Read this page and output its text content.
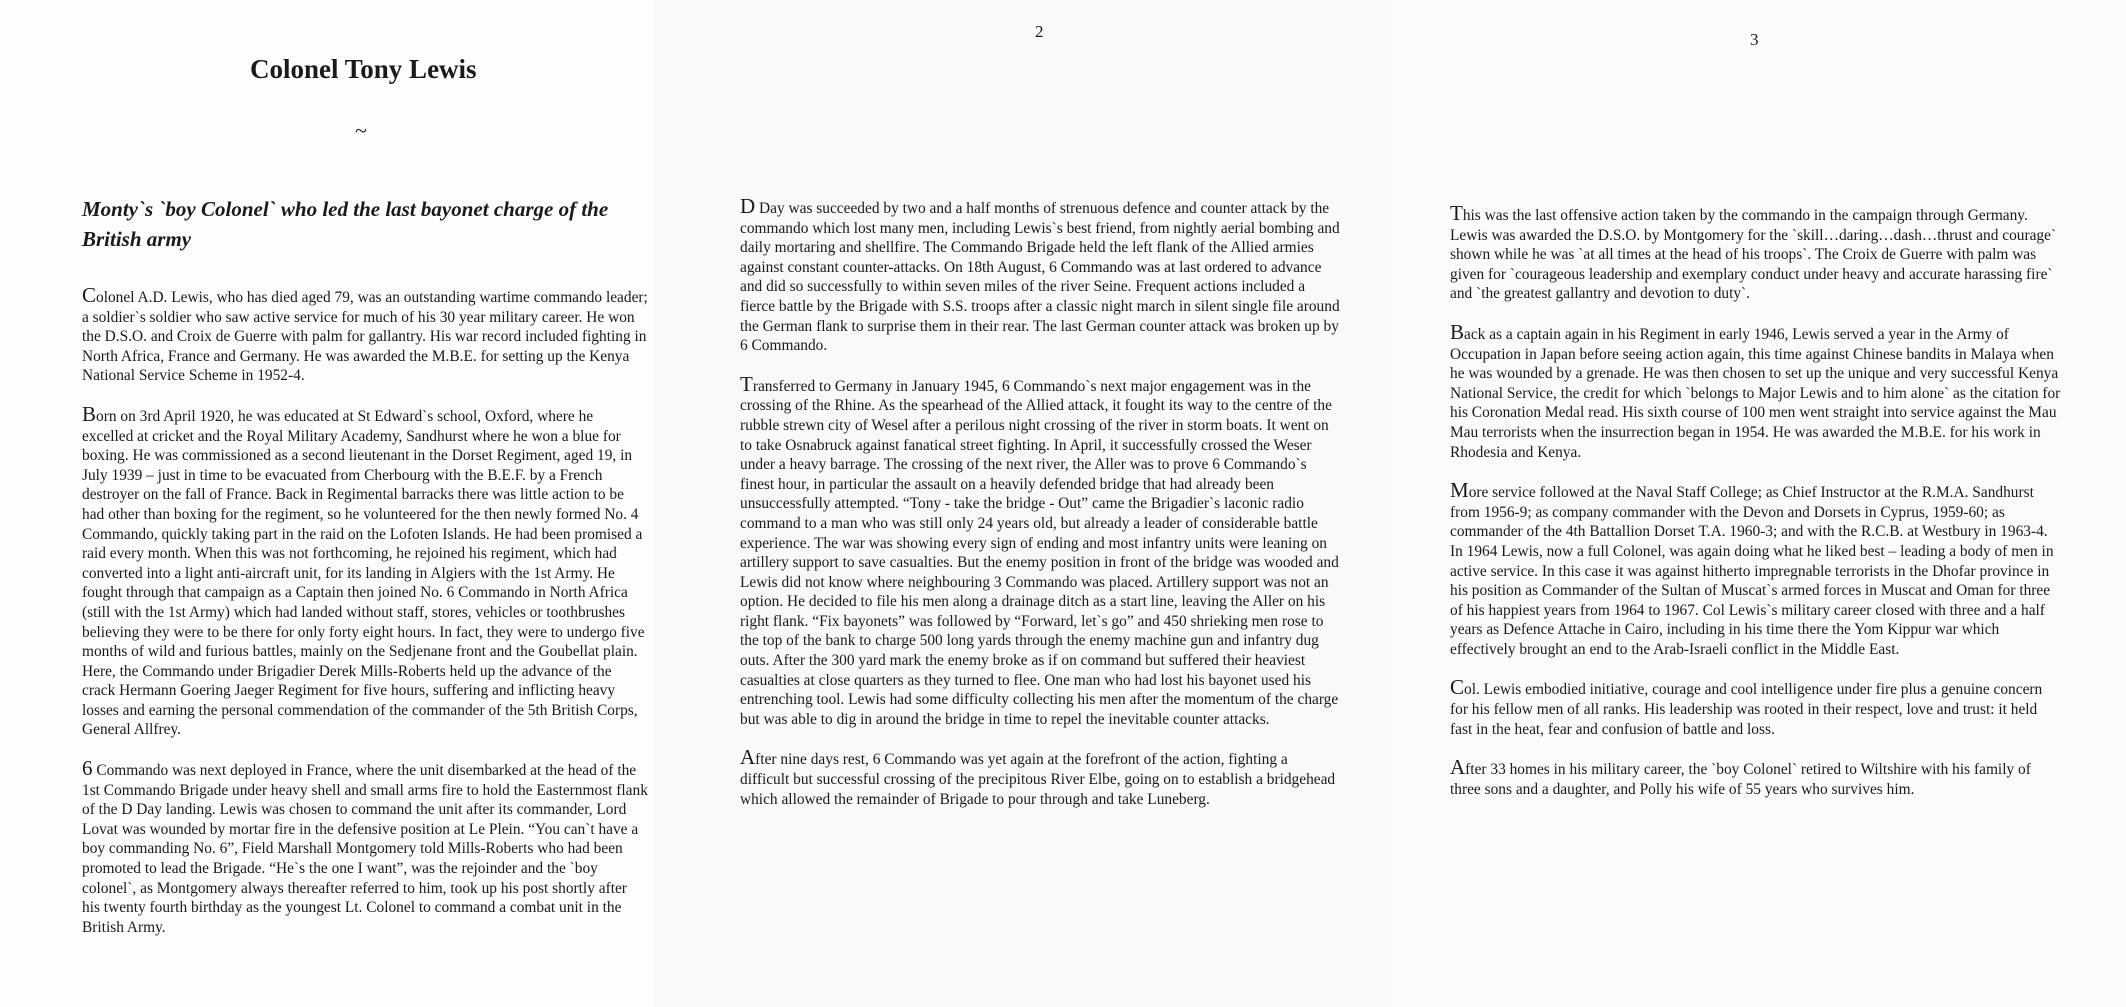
Colonel Tony Lewis
~
Monty`s `boy Colonel` who led the last bayonet charge of the British army

Colonel A.D. Lewis, who has died aged 79, was an outstanding wartime commando leader; a soldier`s soldier who saw active service for much of his 30 year military career. He won the D.S.O. and Croix de Guerre with palm for gallantry. His war record included fighting in North Africa, France and Germany. He was awarded the M.B.E. for setting up the Kenya National Service Scheme in 1952-4.

Born on 3rd April 1920, he was educated at St Edward`s school, Oxford, where he excelled at cricket and the Royal Military Academy, Sandhurst where he won a blue for boxing. He was commissioned as a second lieutenant in the Dorset Regiment, aged 19, in July 1939 – just in time to be evacuated from Cherbourg with the B.E.F. by a French destroyer on the fall of France. Back in Regimental barracks there was little action to be had other than boxing for the regiment, so he volunteered for the then newly formed No. 4 Commando, quickly taking part in the raid on the Lofoten Islands. He had been promised a raid every month. When this was not forthcoming, he rejoined his regiment, which had converted into a light anti-aircraft unit, for its landing in Algiers with the 1st Army. He fought through that campaign as a Captain then joined No. 6 Commando in North Africa (still with the 1st Army) which had landed without staff, stores, vehicles or toothbrushes believing they were to be there for only forty eight hours. In fact, they were to undergo five months of wild and furious battles, mainly on the Sedjenane front and the Goubellat plain. Here, the Commando under Brigadier Derek Mills-Roberts held up the advance of the crack Hermann Goering Jaeger Regiment for five hours, suffering and inflicting heavy losses and earning the personal commendation of the commander of the 5th British Corps, General Allfrey.

6 Commando was next deployed in France, where the unit disembarked at the head of the 1st Commando Brigade under heavy shell and small arms fire to hold the Easternmost flank of the D Day landing. Lewis was chosen to command the unit after its commander, Lord Lovat was wounded by mortar fire in the defensive position at Le Plein. “You can`t have a boy commanding No. 6”, Field Marshall Montgomery told Mills-Roberts who had been promoted to lead the Brigade. “He`s the one I want”, was the rejoinder and the `boy colonel`, as Montgomery always thereafter referred to him, took up his post shortly after his twenty fourth birthday as the youngest Lt. Colonel to command a combat unit in the British Army.

2

D Day was succeeded by two and a half months of strenuous defence and counter attack by the commando which lost many men, including Lewis`s best friend, from nightly aerial bombing and daily mortaring and shellfire. The Commando Brigade held the left flank of the Allied armies against constant counter-attacks. On 18th August, 6 Commando was at last ordered to advance and did so successfully to within seven miles of the river Seine. Frequent actions included a fierce battle by the Brigade with S.S. troops after a classic night march in silent single file around the German flank to surprise them in their rear. The last German counter attack was broken up by 6 Commando.

Transferred to Germany in January 1945, 6 Commando`s next major engagement was in the crossing of the Rhine. As the spearhead of the Allied attack, it fought its way to the centre of the rubble strewn city of Wesel after a perilous night crossing of the river in storm boats. It went on to take Osnabruck against fanatical street fighting. In April, it successfully crossed the Weser under a heavy barrage. The crossing of the next river, the Aller was to prove 6 Commando`s finest hour, in particular the assault on a heavily defended bridge that had already been unsuccessfully attempted. “Tony - take the bridge - Out” came the Brigadier`s laconic radio command to a man who was still only 24 years old, but already a leader of considerable battle experience. The war was showing every sign of ending and most infantry units were leaning on artillery support to save casualties. But the enemy position in front of the bridge was wooded and Lewis did not know where neighbouring 3 Commando was placed. Artillery support was not an option. He decided to file his men along a drainage ditch as a start line, leaving the Aller on his right flank. “Fix bayonets” was followed by “Forward, let`s go” and 450 shrieking men rose to the top of the bank to charge 500 long yards through the enemy machine gun and infantry dug outs. After the 300 yard mark the enemy broke as if on command but suffered their heaviest casualties at close quarters as they turned to flee. One man who had lost his bayonet used his entrenching tool. Lewis had some difficulty collecting his men after the momentum of the charge but was able to dig in around the bridge in time to repel the inevitable counter attacks.

After nine days rest, 6 Commando was yet again at the forefront of the action, fighting a difficult but successful crossing of the precipitous River Elbe, going on to establish a bridgehead which allowed the remainder of Brigade to pour through and take Luneberg.

3

This was the last offensive action taken by the commando in the campaign through Germany. Lewis was awarded the D.S.O. by Montgomery for the `skill…daring…dash…thrust and courage` shown while he was `at all times at the head of his troops`. The Croix de Guerre with palm was given for `courageous leadership and exemplary conduct under heavy and accurate harassing fire` and `the greatest gallantry and devotion to duty`.

Back as a captain again in his Regiment in early 1946, Lewis served a year in the Army of Occupation in Japan before seeing action again, this time against Chinese bandits in Malaya when he was wounded by a grenade. He was then chosen to set up the unique and very successful Kenya National Service, the credit for which `belongs to Major Lewis and to him alone` as the citation for his Coronation Medal read. His sixth course of 100 men went straight into service against the Mau Mau terrorists when the insurrection began in 1954. He was awarded the M.B.E. for his work in Rhodesia and Kenya.

More service followed at the Naval Staff College; as Chief Instructor at the R.M.A. Sandhurst from 1956-9; as company commander with the Devon and Dorsets in Cyprus, 1959-60; as commander of the 4th Battallion Dorset T.A. 1960-3; and with the R.C.B. at Westbury in 1963-4. In 1964 Lewis, now a full Colonel, was again doing what he liked best – leading a body of men in active service. In this case it was against hitherto impregnable terrorists in the Dhofar province in his position as Commander of the Sultan of Muscat`s armed forces in Muscat and Oman for three of his happiest years from 1964 to 1967. Col Lewis`s military career closed with three and a half years as Defence Attache in Cairo, including in his time there the Yom Kippur war which effectively brought an end to the Arab-Israeli conflict in the Middle East.

Col. Lewis embodied initiative, courage and cool intelligence under fire plus a genuine concern for his fellow men of all ranks. His leadership was rooted in their respect, love and trust: it held fast in the heat, fear and confusion of battle and loss.

After 33 homes in his military career, the `boy Colonel` retired to Wiltshire with his family of three sons and a daughter, and Polly his wife of 55 years who survives him.
